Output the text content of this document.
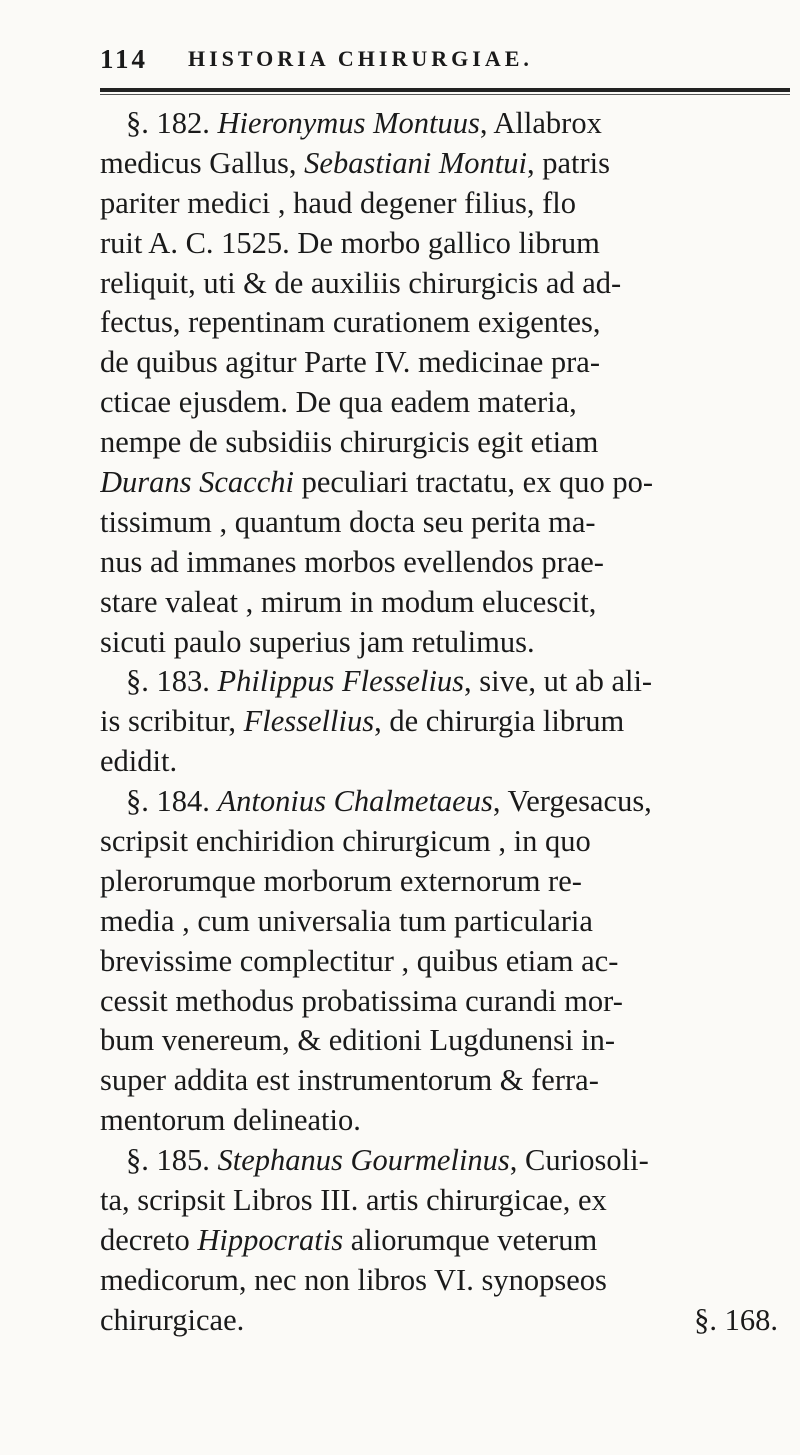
114 HISTORIA CHIRURGIAE.
§. 182. Hieronymus Montuus, Allabrox
medicus Gallus, Sebastiani Montui, patris
pariter medici , haud degener filius, flo
ruit A. C. 1525. De morbo gallico librum
reliquit, uti & de auxiliis chirurgicis ad ad-
fectus, repentinam curationem exigentes,
de quibus agitur Parte IV. medicinae pra-
cticae ejusdem. De qua eadem materia,
nempe de subsidiis chirurgicis egit etiam
Durans Scacchi peculiari tractatu, ex quo po-
tissimum , quantum docta seu perita ma-
nus ad immanes morbos evellendos prae-
stare valeat , mirum in modum elucescit,
sicuti paulo superius jam retulimus.
§. 183. Philippus Flesselius, sive, ut ab ali-
is scribitur, Flessellius, de chirurgia librum
edidit.
§. 184. Antonius Chalmetaeus, Vergesacus,
scripsit enchiridion chirurgicum , in quo
plerorumque morborum externorum re-
media , cum universalia tum particularia
brevissime complectitur , quibus etiam ac-
cessit methodus probatissima curandi mor-
bum venereum, & editioni Lugdunensi in-
super addita est instrumentorum & ferra-
mentorum delineatio.
§. 185. Stephanus Gourmelinus, Curiosoli-
ta, scripsit Libros III. artis chirurgicae, ex
decreto Hippocratis aliorumque veterum
medicorum, nec non libros VI. synopseos
chirurgicae.	§. 168.
